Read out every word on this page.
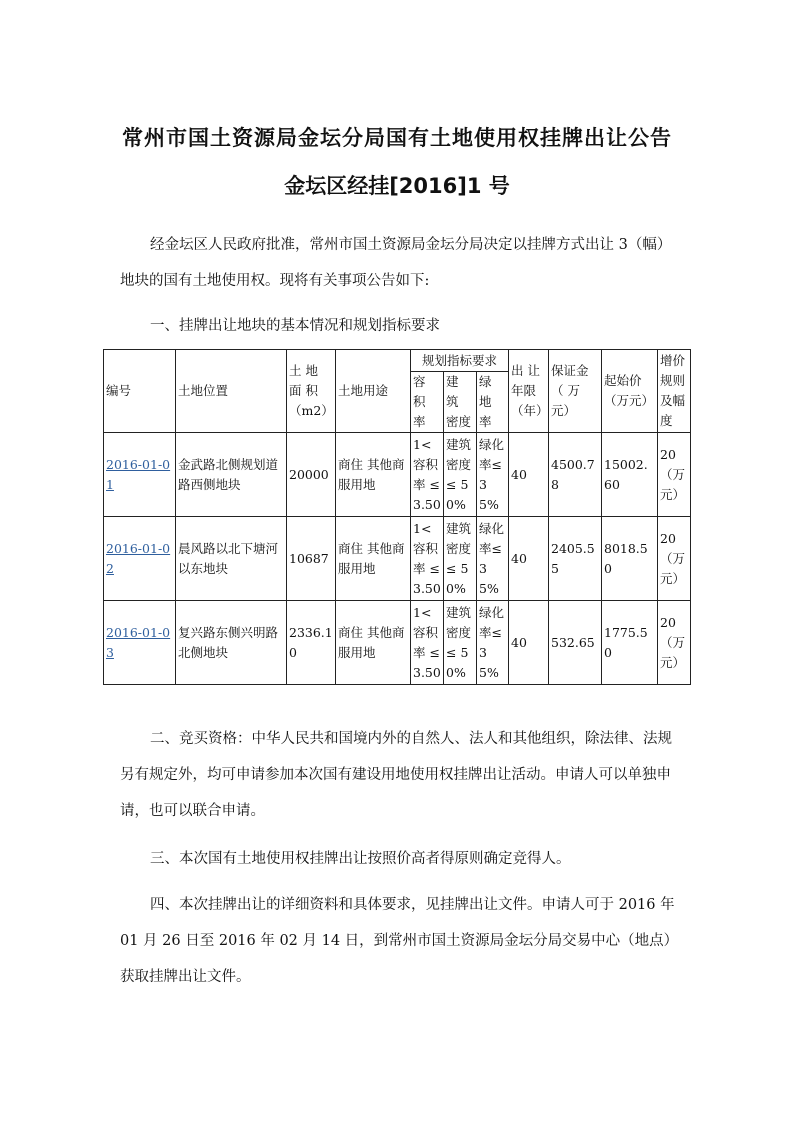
常州市国土资源局金坛分局国有土地使用权挂牌出让公告
金坛区经挂[2016]1 号

经金坛区人民政府批准，常州市国土资源局金坛分局决定以挂牌方式出让 3（幅）地块的国有土地使用权。现将有关事项公告如下:

一、挂牌出让地块的基本情况和规划指标要求
编号	土地位置	土 地 面 积 （m2）	土地用途	规划指标要求			出 让 年限 （年）	保证金 （ 万 元）	起始价 （万元）	增价 规则 及幅 度
				容 积 率	建 筑 密度	绿 地 率				
2016-01-01	金武路北侧规划道路西侧地块	20000	商住 其他商服用地	1<容积率 ≤ 3.50	建筑密度 ≤ 50%	绿化率≤ 35%	40	4500.78	15002.60	20 （万元）
2016-01-02	晨风路以北下塘河以东地块	10687	商住 其他商服用地	1<容积率 ≤ 3.50	建筑密度 ≤ 50%	绿化率≤ 35%	40	2405.55	8018.50	20 （万元）
2016-01-03	复兴路东侧兴明路北侧地块	2336.10	商住 其他商服用地	1<容积率 ≤ 3.50	建筑密度 ≤ 50%	绿化率≤ 35%	40	532.65	1775.50	20 （万元）

二、竞买资格：中华人民共和国境内外的自然人、法人和其他组织，除法律、法规另有规定外，均可申请参加本次国有建设用地使用权挂牌出让活动。申请人可以单独申请，也可以联合申请。

三、本次国有土地使用权挂牌出让按照价高者得原则确定竞得人。

四、本次挂牌出让的详细资料和具体要求，见挂牌出让文件。申请人可于 2016 年 01 月 26 日至 2016 年 02 月 14 日，到常州市国土资源局金坛分局交易中心（地点）获取挂牌出让文件。
